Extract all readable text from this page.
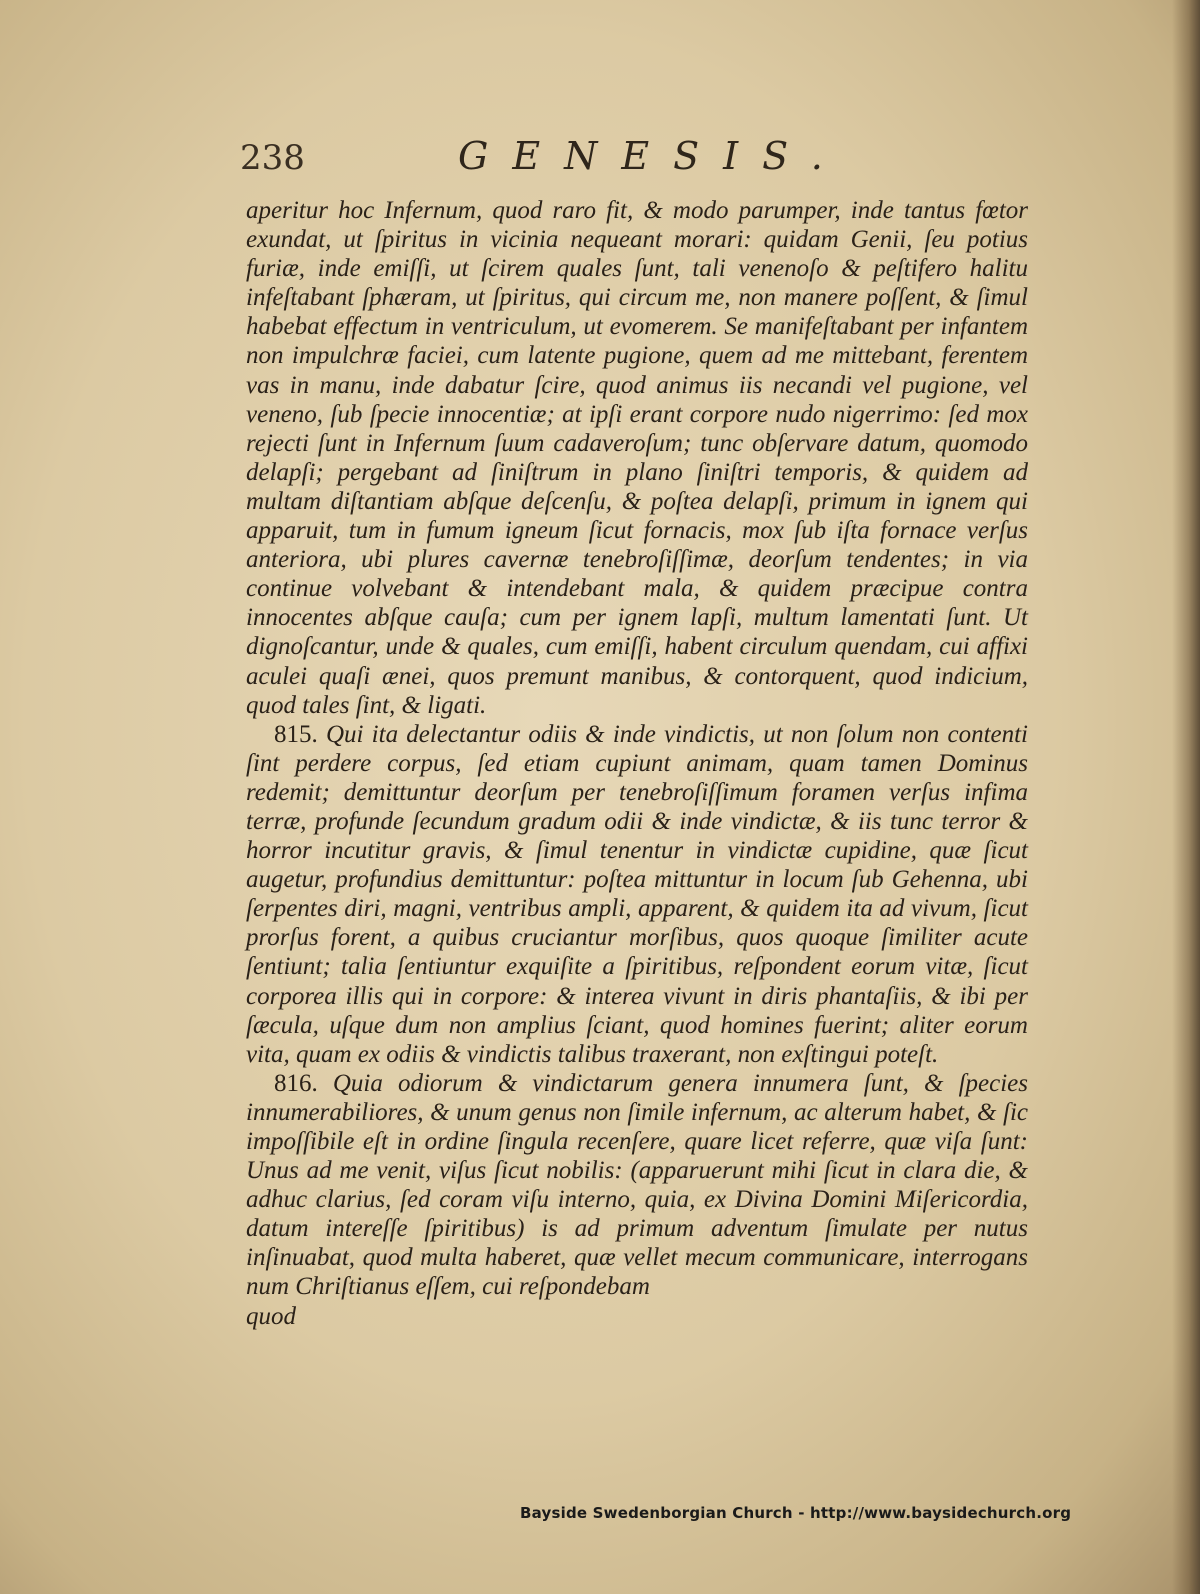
238	GENESIS.

aperitur hoc Infernum, quod raro fit, & modo parumper, inde tantus fœtor exundat, ut ſpiritus in vicinia nequeant morari: quidam Genii, ſeu potius furiæ, inde emiſſi, ut ſcirem quales ſunt, tali venenoſo & peſtifero halitu infeſtabant ſphæram, ut ſpiritus, qui circum me, non manere poſſent, & ſimul habebat effectum in ventriculum, ut evomerem. Se manifeſtabant per infantem non impulchræ faciei, cum latente pugione, quem ad me mittebant, ferentem vas in manu, inde dabatur ſcire, quod animus iis necandi vel pugione, vel veneno, ſub ſpecie innocentiæ; at ipſi erant corpore nudo nigerrimo: ſed mox rejecti ſunt in Infernum ſuum cadaveroſum; tunc obſervare datum, quomodo delapſi; pergebant ad ſiniſtrum in plano ſiniſtri temporis, & quidem ad multam diſtantiam abſque deſcenſu, & poſtea delapſi, primum in ignem qui apparuit, tum in fumum igneum ſicut fornacis, mox ſub iſta fornace verſus anteriora, ubi plures cavernæ tenebroſiſſimæ, deorſum tendentes; in via continue volvebant & intendebant mala, & quidem præcipue contra innocentes abſque cauſa; cum per ignem lapſi, multum lamentati ſunt. Ut dignoſcantur, unde & quales, cum emiſſi, habent circulum quendam, cui affixi aculei quaſi ænei, quos premunt manibus, & contorquent, quod indicium, quod tales ſint, & ligati.

815. Qui ita delectantur odiis & inde vindictis, ut non ſolum non contenti ſint perdere corpus, ſed etiam cupiunt animam, quam tamen Dominus redemit; demittuntur deorſum per tenebroſiſſimum foramen verſus infima terræ, profunde ſecundum gradum odii & inde vindictæ, & iis tunc terror & horror incutitur gravis, & ſimul tenentur in vindictæ cupidine, quæ ſicut augetur, profundius demittuntur: poſtea mittuntur in locum ſub Gehenna, ubi ſerpentes diri, magni, ventribus ampli, apparent, & quidem ita ad vivum, ſicut prorſus forent, a quibus cruciantur morſibus, quos quoque ſimiliter acute ſentiunt; talia ſentiuntur exquiſite a ſpiritibus, reſpondent eorum vitæ, ſicut corporea illis qui in corpore: & interea vivunt in diris phantaſiis, & ibi per ſæcula, uſque dum non amplius ſciant, quod homines fuerint; aliter eorum vita, quam ex odiis & vindictis talibus traxerant, non exſtingui poteſt.

816. Quia odiorum & vindictarum genera innumera ſunt, & ſpecies innumerabiliores, & unum genus non ſimile infernum, ac alterum habet, & ſic impoſſibile eſt in ordine ſingula recenſere, quare licet referre, quæ viſa ſunt: Unus ad me venit, viſus ſicut nobilis: (apparuerunt mihi ſicut in clara die, & adhuc clarius, ſed coram viſu interno, quia, ex Divina Domini Miſericordia, datum intereſſe ſpiritibus) is ad primum adventum ſimulate per nutus inſinuabat, quod multa haberet, quæ vellet mecum communicare, interrogans num Chriſtianus eſſem, cui reſpondebam

quod

Bayside Swedenborgian Church - http://www.baysidechurch.org
